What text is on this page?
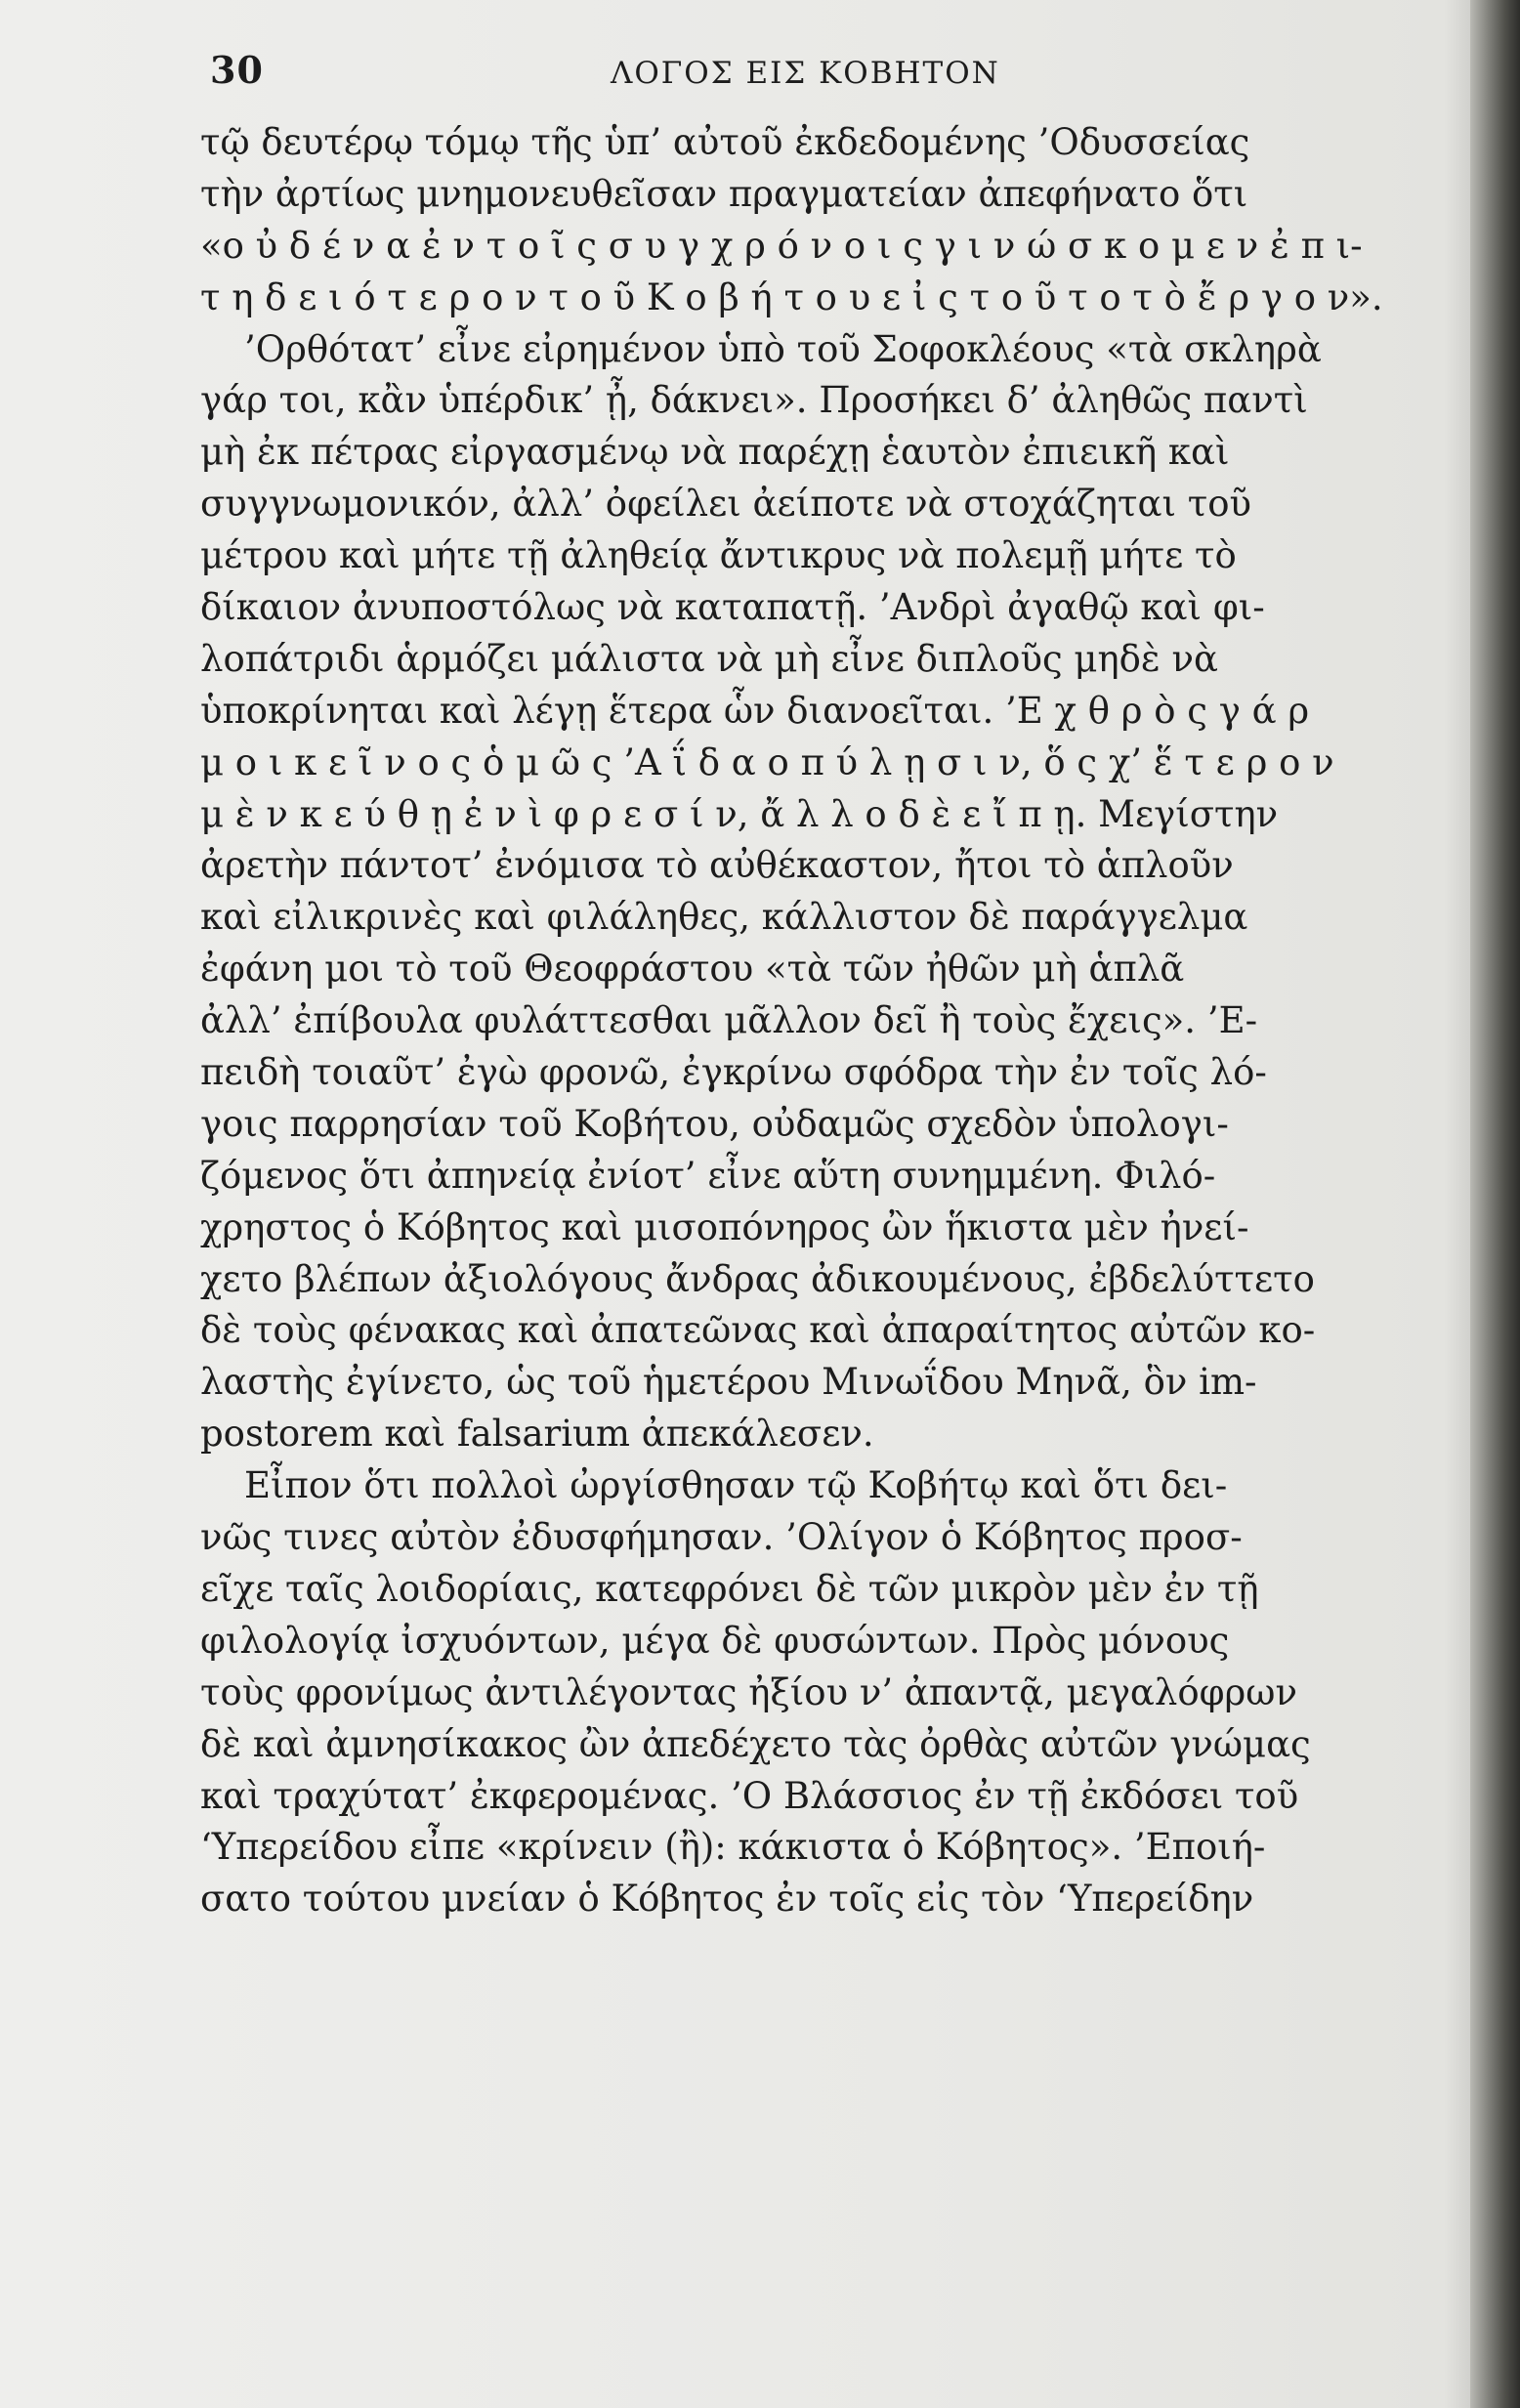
30	ΛΟΓΟΣ ΕΙΣ ΚΟΒΗΤΟΝ
τῷ δευτέρῳ τόμῳ τῆς ὑπ’ αὐτοῦ ἐκδεδομένης ’Οδυσσείας
τὴν ἀρτίως μνημονευθεῖσαν πραγματείαν ἀπεφήνατο ὅτι
«ο ὐ δ έ ν α ἐ ν τ ο ῖ ς σ υ γ χ ρ ό ν ο ι ς γ ι ν ώ σ κ ο μ ε ν ἐ π ι-
τ η δ ε ι ό τ ε ρ ο ν τ ο ῦ Κ ο β ή τ ο υ ε ἰ ς τ ο ῦ τ ο τ ὸ ἔ ρ γ ο ν».
’Ορθότατ’ εἶνε εἰρημένον ὑπὸ τοῦ Σοφοκλέους «τὰ σκληρὰ
γάρ τοι, κἂν ὑπέρδικ’ ᾖ, δάκνει». Προσήκει δ’ ἀληθῶς παντὶ
μὴ ἐκ πέτρας εἰργασμένῳ νὰ παρέχῃ ἑαυτὸν ἐπιεικῆ καὶ
συγγνωμονικόν, ἀλλ’ ὀφείλει ἀείποτε νὰ στοχάζηται τοῦ
μέτρου καὶ μήτε τῇ ἀληθείᾳ ἄντικρυς νὰ πολεμῇ μήτε τὸ
δίκαιον ἀνυποστόλως νὰ καταπατῇ. ’Ανδρὶ ἀγαθῷ καὶ φι-
λοπάτριδι ἁρμόζει μάλιστα νὰ μὴ εἶνε διπλοῦς μηδὲ νὰ
ὑποκρίνηται καὶ λέγῃ ἕτερα ὧν διανοεῖται. ’Ε χ θ ρ ὸ ς γ ά ρ
μ ο ι κ ε ῖ ν ο ς ὁ μ ῶ ς ’Α ΐ δ α ο π ύ λ ῃ σ ι ν, ὅ ς χ’ ἕ τ ε ρ ο ν
μ ὲ ν κ ε ύ θ ῃ ἐ ν ὶ φ ρ ε σ ί ν, ἄ λ λ ο δ ὲ ε ἴ π ῃ. Μεγίστην
ἀρετὴν πάντοτ’ ἐνόμισα τὸ αὐθέκαστον, ἤτοι τὸ ἁπλοῦν
καὶ εἰλικρινὲς καὶ φιλάληθες, κάλλιστον δὲ παράγγελμα
ἐφάνη μοι τὸ τοῦ Θεοφράστου «τὰ τῶν ἠθῶν μὴ ἁπλᾶ
ἀλλ’ ἐπίβουλα φυλάττεσθαι μᾶλλον δεῖ ἢ τοὺς ἔχεις». ’Ε-
πειδὴ τοιαῦτ’ ἐγὼ φρονῶ, ἐγκρίνω σφόδρα τὴν ἐν τοῖς λό-
γοις παρρησίαν τοῦ Κοβήτου, οὐδαμῶς σχεδὸν ὑπολογι-
ζόμενος ὅτι ἀπηνείᾳ ἐνίοτ’ εἶνε αὕτη συνημμένη. Φιλό-
χρηστος ὁ Κόβητος καὶ μισοπόνηρος ὢν ἥκιστα μὲν ἠνεί-
χετο βλέπων ἀξιολόγους ἄνδρας ἀδικουμένους, ἐβδελύττετο
δὲ τοὺς φένακας καὶ ἀπατεῶνας καὶ ἀπαραίτητος αὐτῶν κο-
λαστὴς ἐγίνετο, ὡς τοῦ ἡμετέρου Μινωΐδου Μηνᾶ, ὃν im-
postorem καὶ falsarium ἀπεκάλεσεν.
Εἶπον ὅτι πολλοὶ ὠργίσθησαν τῷ Κοβήτῳ καὶ ὅτι δει-
νῶς τινες αὐτὸν ἐδυσφήμησαν. ’Ολίγον ὁ Κόβητος προσ-
εῖχε ταῖς λοιδορίαις, κατεφρόνει δὲ τῶν μικρὸν μὲν ἐν τῇ
φιλολογίᾳ ἰσχυόντων, μέγα δὲ φυσώντων. Πρὸς μόνους
τοὺς φρονίμως ἀντιλέγοντας ἠξίου ν’ ἀπαντᾷ, μεγαλόφρων
δὲ καὶ ἀμνησίκακος ὢν ἀπεδέχετο τὰς ὀρθὰς αὐτῶν γνώμας
καὶ τραχύτατ’ ἐκφερομένας. ’Ο Βλάσσιος ἐν τῇ ἐκδόσει τοῦ
‘Υπερείδου εἶπε «κρίνειν (ἢ): κάκιστα ὁ Κόβητος». ’Εποιή-
σατο τούτου μνείαν ὁ Κόβητος ἐν τοῖς εἰς τὸν ‘Υπερείδην
